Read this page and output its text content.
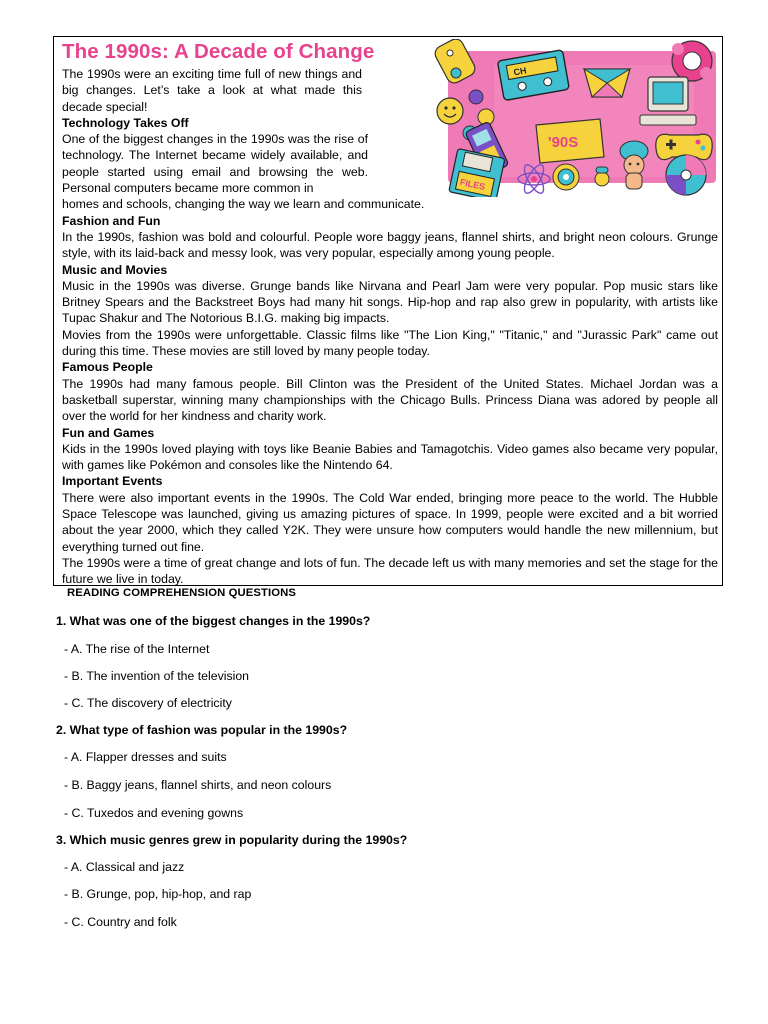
The 1990s: A Decade of Change

The 1990s were an exciting time full of new things and big changes. Let’s take a look at what made this decade special!

Technology Takes Off

One of the biggest changes in the 1990s was the rise of technology. The Internet became widely available, and people started using email and browsing the web. Personal computers became more common in

homes and schools, changing the way we learn and communicate.

Fashion and Fun

In the 1990s, fashion was bold and colourful. People wore baggy jeans, flannel shirts, and bright neon colours. Grunge style, with its laid-back and messy look, was very popular, especially among young people.

Music and Movies

Music in the 1990s was diverse. Grunge bands like Nirvana and Pearl Jam were very popular. Pop music stars like Britney Spears and the Backstreet Boys had many hit songs. Hip-hop and rap also grew in popularity, with artists like Tupac Shakur and The Notorious B.I.G. making big impacts.

Movies from the 1990s were unforgettable. Classic films like "The Lion King," "Titanic," and "Jurassic Park" came out during this time. These movies are still loved by many people today.

Famous People

The 1990s had many famous people. Bill Clinton was the President of the United States. Michael Jordan was a basketball superstar, winning many championships with the Chicago Bulls. Princess Diana was adored by people all over the world for her kindness and charity work.

Fun and Games

Kids in the 1990s loved playing with toys like Beanie Babies and Tamagotchis. Video games also became very popular, with games like Pokémon and consoles like the Nintendo 64.

Important Events

There were also important events in the 1990s. The Cold War ended, bringing more peace to the world. The Hubble Space Telescope was launched, giving us amazing pictures of space. In 1999, people were excited and a bit worried about the year 2000, which they called Y2K. They were unsure how computers would handle the new millennium, but everything turned out fine.

The 1990s were a time of great change and lots of fun. The decade left us with many memories and set the stage for the future we live in today.

CH
'90S
FILES

READING COMPREHENSION QUESTIONS

1. What was one of the biggest changes in the 1990s?

- A. The rise of the Internet

- B. The invention of the television

- C. The discovery of electricity

2. What type of fashion was popular in the 1990s?

- A. Flapper dresses and suits

- B. Baggy jeans, flannel shirts, and neon colours

- C. Tuxedos and evening gowns

3. Which music genres grew in popularity during the 1990s?

- A. Classical and jazz

- B. Grunge, pop, hip-hop, and rap

- C. Country and folk
